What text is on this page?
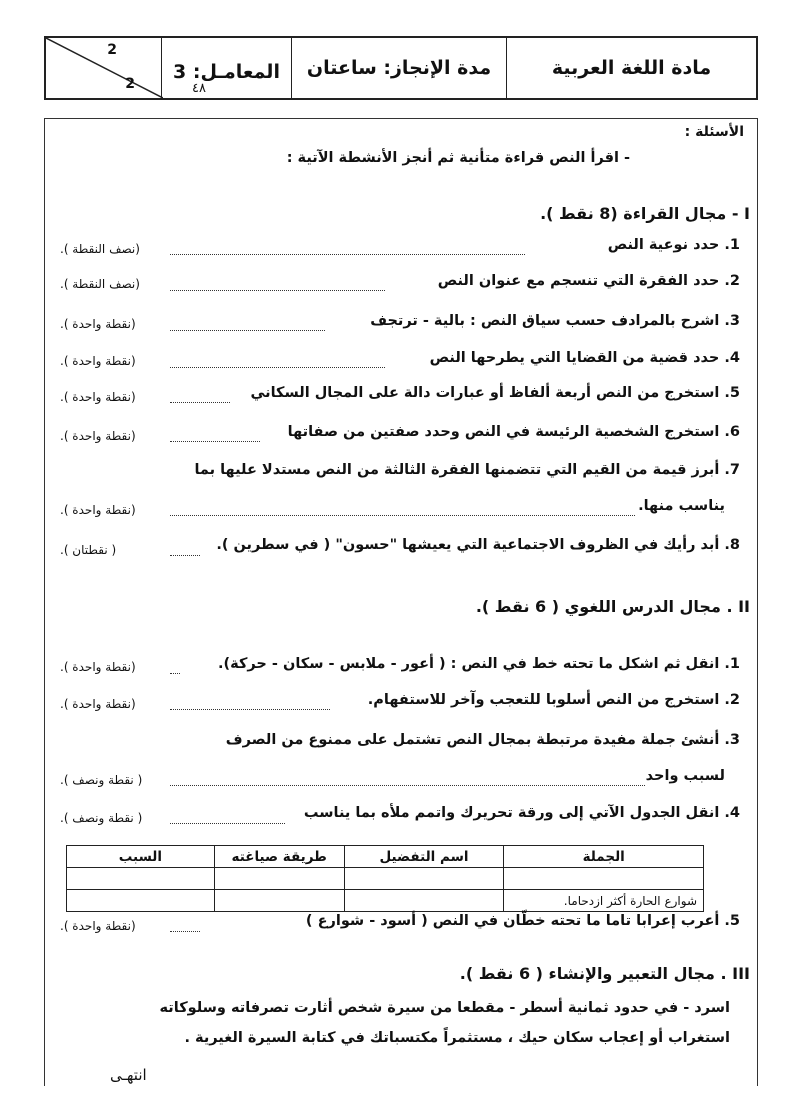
مادة اللغة العربية
مدة الإنجاز: ساعتان
المعامـل: 3
٤٨
2
2
الأسئلة :
- اقرأ النص قراءة متأنية ثم أنجز الأنشطة الآتية :
I - مجال القراءة (8 نقط ).
1. حدد نوعية النص
(نصف النقطة ).
2. حدد الفقرة التي تنسجم مع عنوان النص
(نصف النقطة ).
3. اشرح بالمرادف حسب سياق النص : بالية - ترتجف
(نقطة واحدة ).
4. حدد قضية من القضايا التي يطرحها النص
(نقطة واحدة ).
5. استخرج من النص أربعة ألفاظ أو عبارات دالة على المجال السكاني
(نقطة واحدة ).
6. استخرج الشخصية الرئيسة في النص وحدد صفتين من صفاتها
(نقطة واحدة ).
7. أبرز قيمة من القيم التي تتضمنها الفقرة الثالثة من النص مستدلا عليها بما
يناسب منها.
(نقطة واحدة ).
8. أبد رأيك في الظروف الاجتماعية التي يعيشها "حسون" ( في سطرين ).
( نقطتان ).
II . مجال الدرس اللغوي ( 6 نقط ).
1. انقل ثم اشكل ما تحته خط في النص : ( أعور - ملابس - سكان - حركة).
(نقطة واحدة ).
2. استخرج من النص أسلوبا للتعجب وآخر للاستفهام.
(نقطة واحدة ).
3. أنشئ جملة مفيدة مرتبطة بمجال النص تشتمل على ممنوع من الصرف
لسبب واحد
( نقطة ونصف ).
4. انقل الجدول الآتي إلى ورقة تحريرك واتمم ملأه بما يناسب
( نقطة ونصف ).
الجملة	اسم التفضيل	طريقة صياغته	السبب

شوارع الحارة أكثر ازدحاما.			
5. أعرب إعرابا تاما ما تحته خطّان في النص ( أسود - شوارع )
(نقطة واحدة ).
III . مجال التعبير والإنشاء ( 6 نقط ).
اسرد - في حدود ثمانية أسطر - مقطعا من سيرة شخص أثارت تصرفاته وسلوكاته
استغراب أو إعجاب سكان حيك ، مستثمراً مكتسباتك في كتابة السيرة الغيرية .
انتهـى
